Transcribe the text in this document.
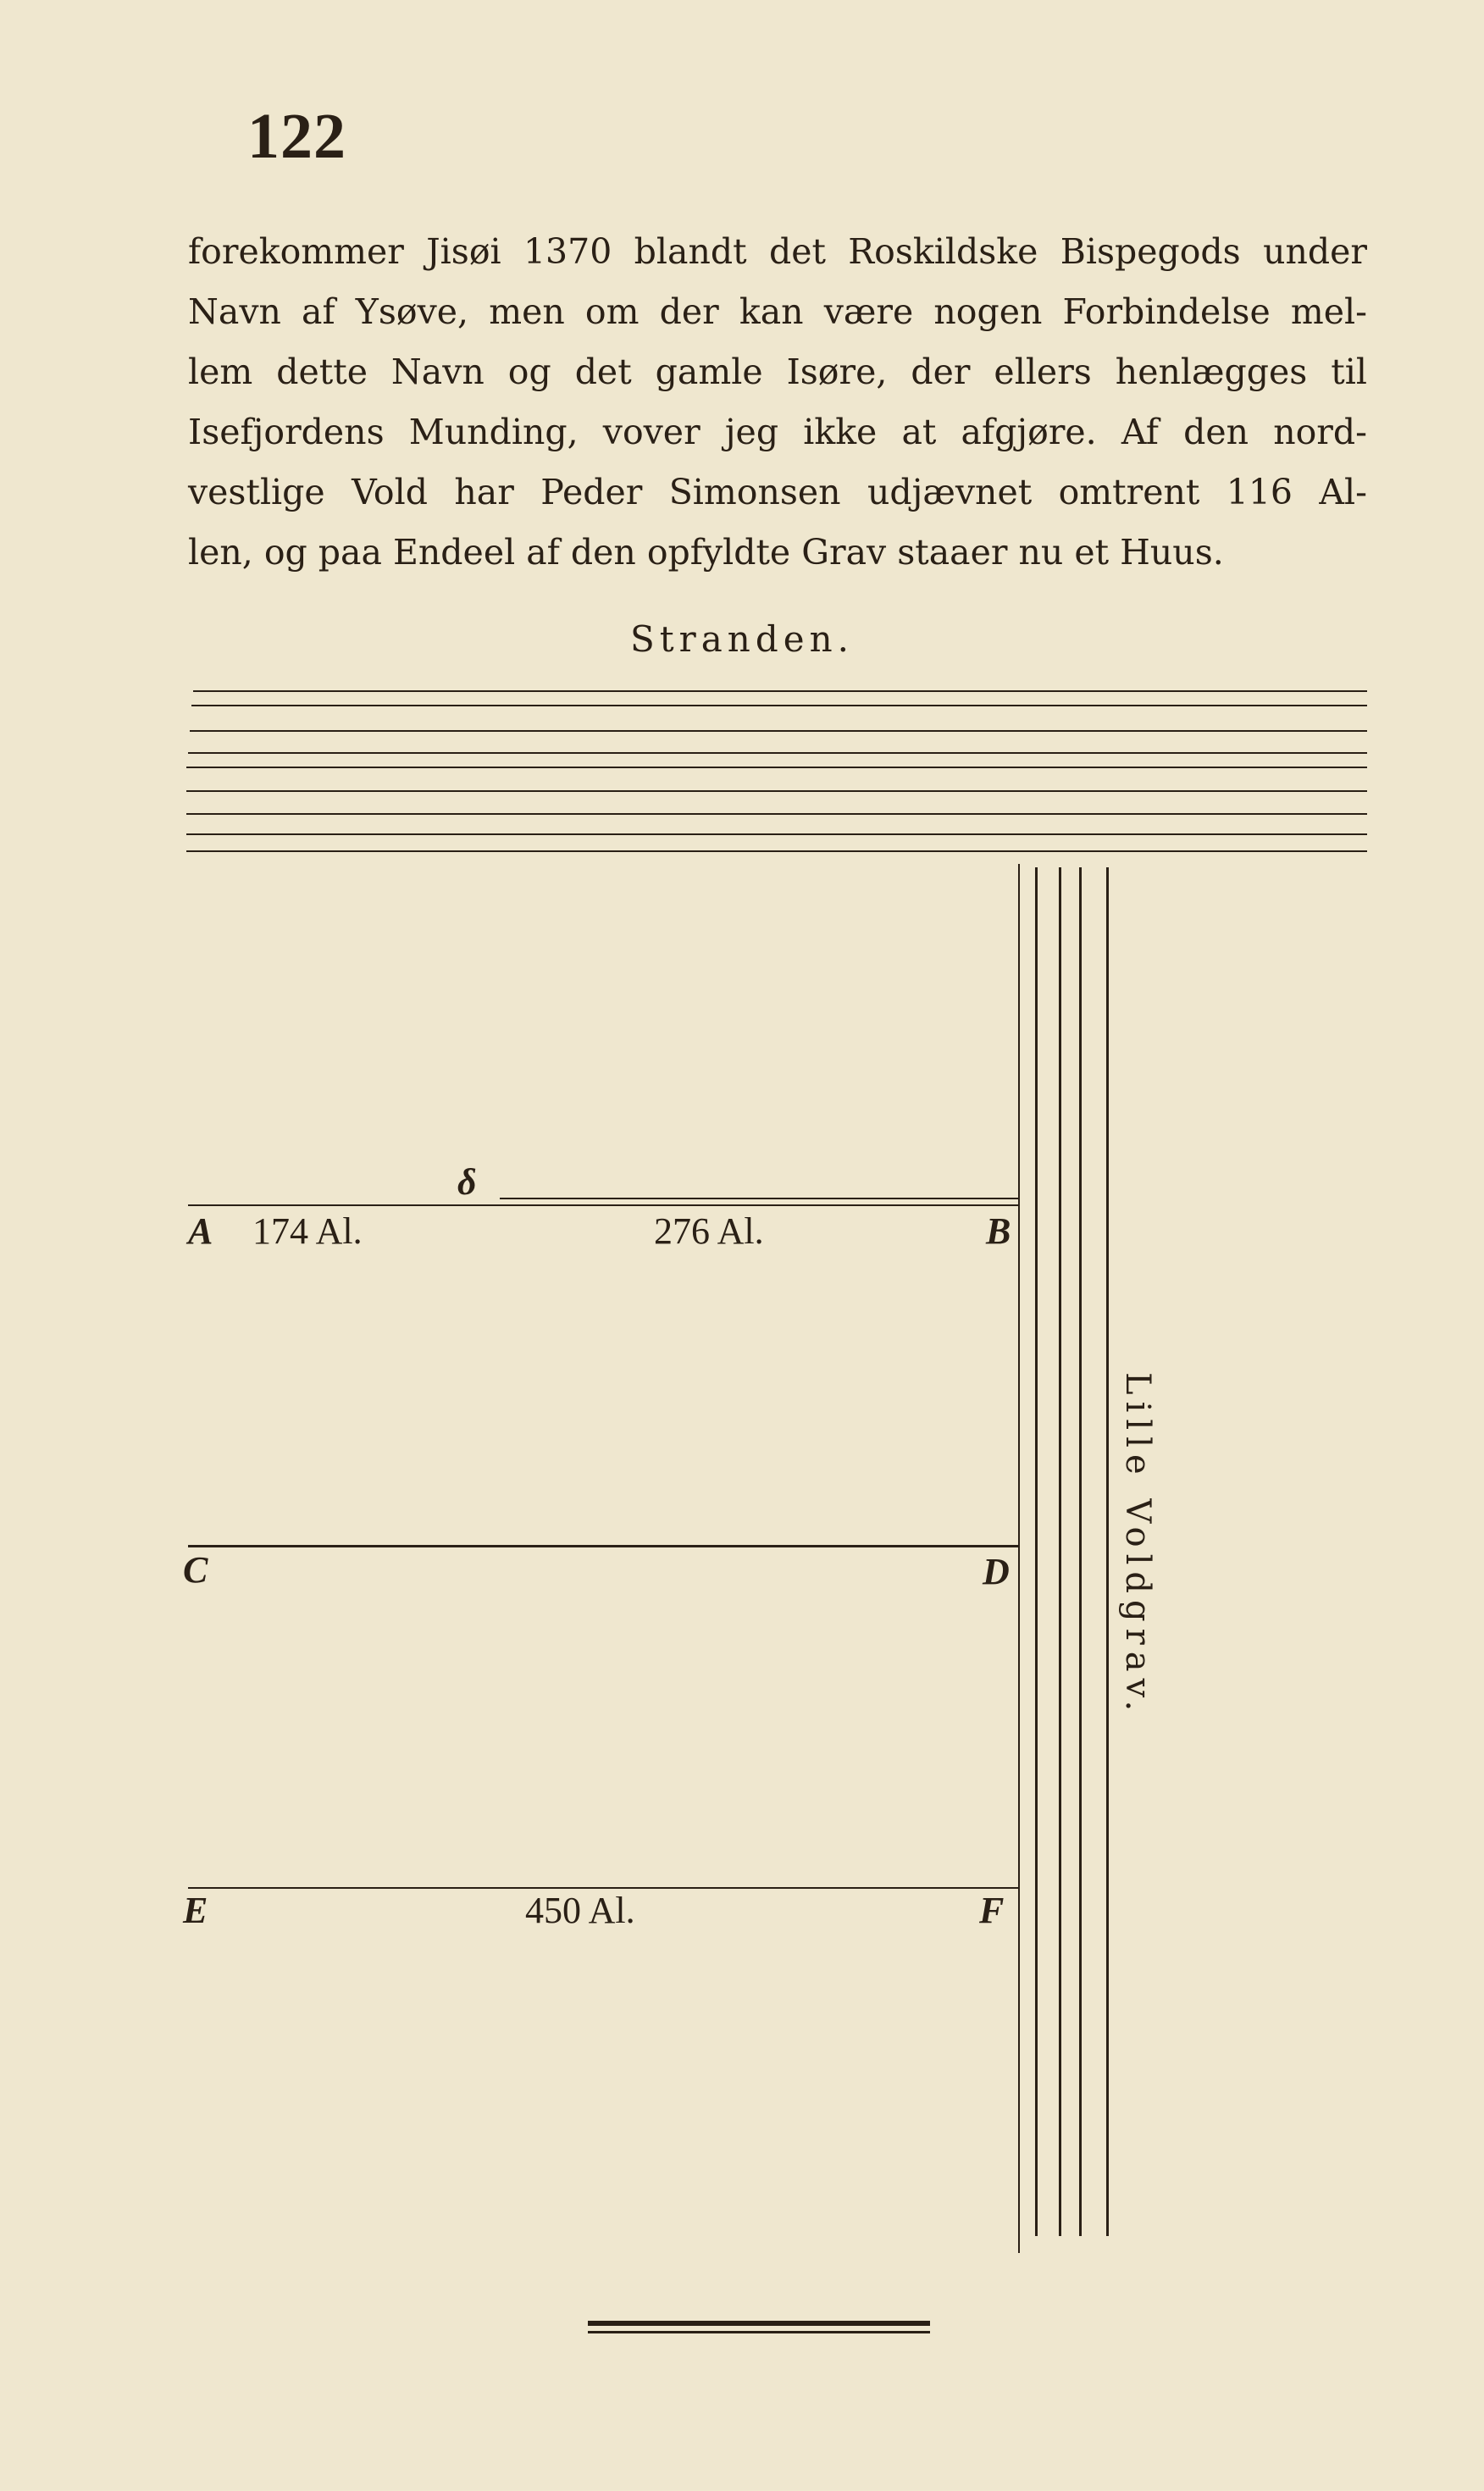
122
forekommer Jisøi 1370 blandt det Roskildske Bispegods under
Navn af Ysøve, men om der kan være nogen Forbindelse mel-
lem dette Navn og det gamle Isøre, der ellers henlægges til
Isefjordens Munding, vover jeg ikke at afgjøre. Af den nord-
vestlige Vold har Peder Simonsen udjævnet omtrent 116 Al-
len, og paa Endeel af den opfyldte Grav staaer nu et Huus.
Stranden.
δ
A 174 Al.	276 Al.	B
C	D
E	450 Al.	F
Lille Voldgrav.
